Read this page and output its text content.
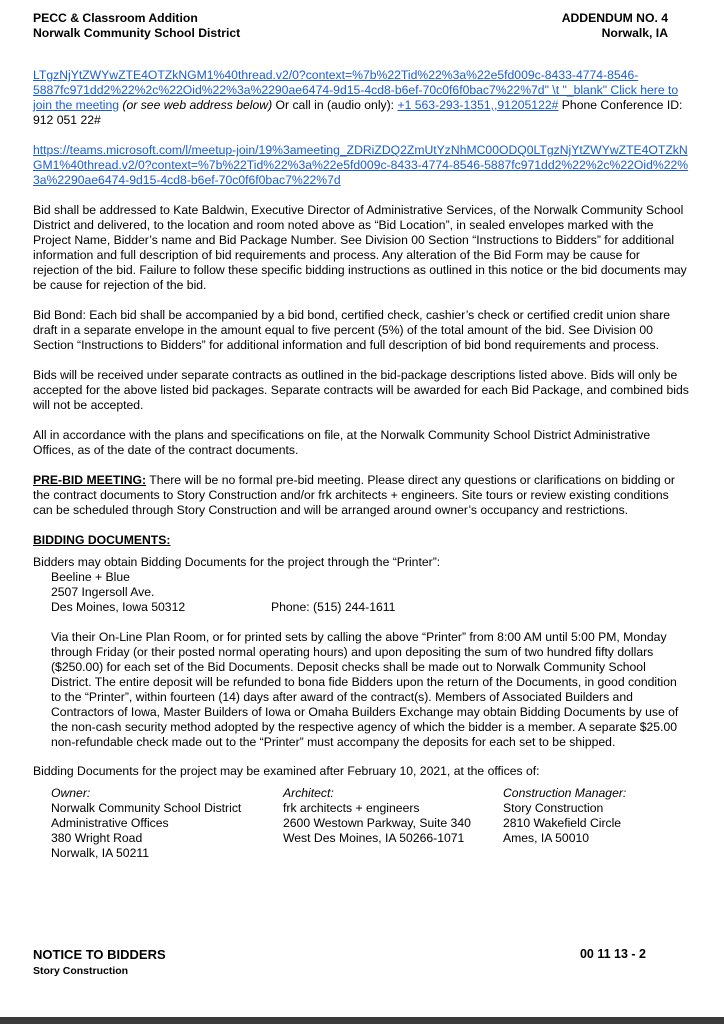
PECC & Classroom Addition
Norwalk Community School District
ADDENDUM NO. 4
Norwalk, IA

LTgzNjYtZWYwZTE4OTZkNGM1%40thread.v2/0?context=%7b%22Tid%22%3a%22e5fd009c-8433-4774-8546-5887fc971dd2%22%2c%22Oid%22%3a%2290ae6474-9d15-4cd8-b6ef-70c0f6f0bac7%22%7d" \t "_blank" Click here to join the meeting (or see web address below) Or call in (audio only): +1 563-293-1351,,91205122# Phone Conference ID: 912 051 22#

https://teams.microsoft.com/l/meetup-join/19%3ameeting_ZDRiZDQ2ZmUtYzNhMC00ODQ0LTgzNjYtZWYwZTE4OTZkNGM1%40thread.v2/0?context=%7b%22Tid%22%3a%22e5fd009c-8433-4774-8546-5887fc971dd2%22%2c%22Oid%22%3a%2290ae6474-9d15-4cd8-b6ef-70c0f6f0bac7%22%7d

Bid shall be addressed to Kate Baldwin, Executive Director of Administrative Services, of the Norwalk Community School District and delivered, to the location and room noted above as “Bid Location”, in sealed envelopes marked with the Project Name, Bidder’s name and Bid Package Number. See Division 00 Section “Instructions to Bidders” for additional information and full description of bid requirements and process. Any alteration of the Bid Form may be cause for rejection of the bid. Failure to follow these specific bidding instructions as outlined in this notice or the bid documents may be cause for rejection of the bid.

Bid Bond: Each bid shall be accompanied by a bid bond, certified check, cashier’s check or certified credit union share draft in a separate envelope in the amount equal to five percent (5%) of the total amount of the bid. See Division 00 Section “Instructions to Bidders” for additional information and full description of bid bond requirements and process.

Bids will be received under separate contracts as outlined in the bid-package descriptions listed above. Bids will only be accepted for the above listed bid packages. Separate contracts will be awarded for each Bid Package, and combined bids will not be accepted.

All in accordance with the plans and specifications on file, at the Norwalk Community School District Administrative Offices, as of the date of the contract documents.

PRE-BID MEETING: There will be no formal pre-bid meeting. Please direct any questions or clarifications on bidding or the contract documents to Story Construction and/or frk architects + engineers. Site tours or review existing conditions can be scheduled through Story Construction and will be arranged around owner’s occupancy and restrictions.

BIDDING DOCUMENTS:
Bidders may obtain Bidding Documents for the project through the “Printer”:
Beeline + Blue
2507 Ingersoll Ave.
Des Moines, Iowa 50312	Phone: (515) 244-1611

Via their On-Line Plan Room, or for printed sets by calling the above “Printer” from 8:00 AM until 5:00 PM, Monday through Friday (or their posted normal operating hours) and upon depositing the sum of two hundred fifty dollars ($250.00) for each set of the Bid Documents. Deposit checks shall be made out to Norwalk Community School District. The entire deposit will be refunded to bona fide Bidders upon the return of the Documents, in good condition to the “Printer”, within fourteen (14) days after award of the contract(s). Members of Associated Builders and Contractors of Iowa, Master Builders of Iowa or Omaha Builders Exchange may obtain Bidding Documents by use of the non-cash security method adopted by the respective agency of which the bidder is a member. A separate $25.00 non-refundable check made out to the “Printer” must accompany the deposits for each set to be shipped.

Bidding Documents for the project may be examined after February 10, 2021, at the offices of:
Owner:
Norwalk Community School District
Administrative Offices
380 Wright Road
Norwalk, IA 50211
Architect:
frk architects + engineers
2600 Westown Parkway, Suite 340
West Des Moines, IA 50266-1071
Construction Manager:
Story Construction
2810 Wakefield Circle
Ames, IA 50010
NOTICE TO BIDDERS
Story Construction
00 11 13 - 2
